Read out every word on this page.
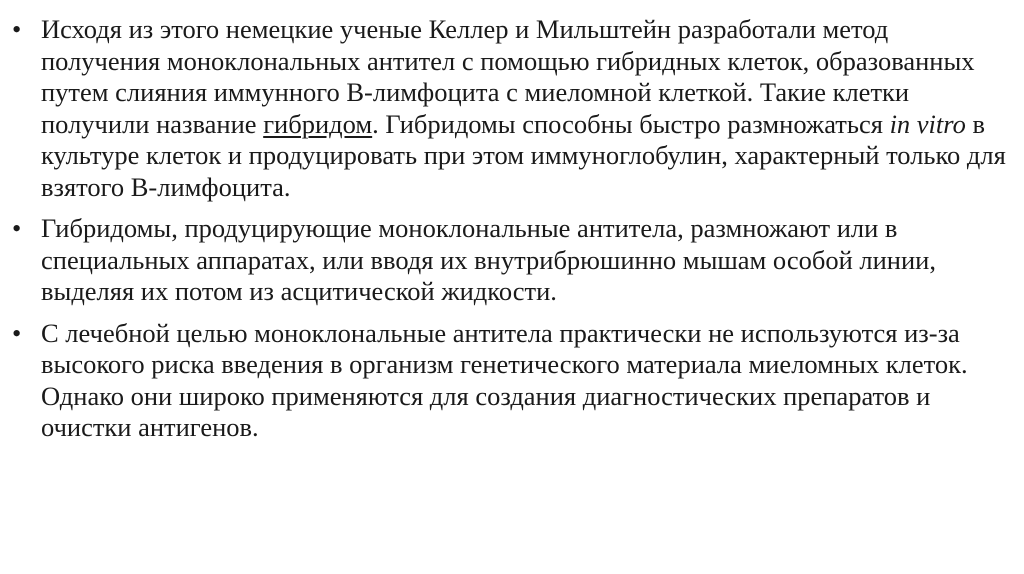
• Исходя из этого немецкие ученые Келлер и Мильштейн разработали метод получения моноклональных антител с помощью гибридных клеток, образованных путем слияния иммунного В-лимфоцита с миеломной клеткой. Такие клетки получили название гибридом. Гибридомы способны быстро размножаться in vitro в культуре клеток и продуцировать при этом иммуноглобулин, характерный только для взятого В-лимфоцита.
• Гибридомы, продуцирующие моноклональные антитела, размножают или в специальных аппаратах, или вводя их внутрибрюшинно мышам особой линии, выделяя их потом из асцитической жидкости.
• С лечебной целью моноклональные антитела практически не используются из-за высокого риска введения в организм генетического материала миеломных клеток. Однако они широко применяются для создания диагностических препаратов и очистки антигенов.
